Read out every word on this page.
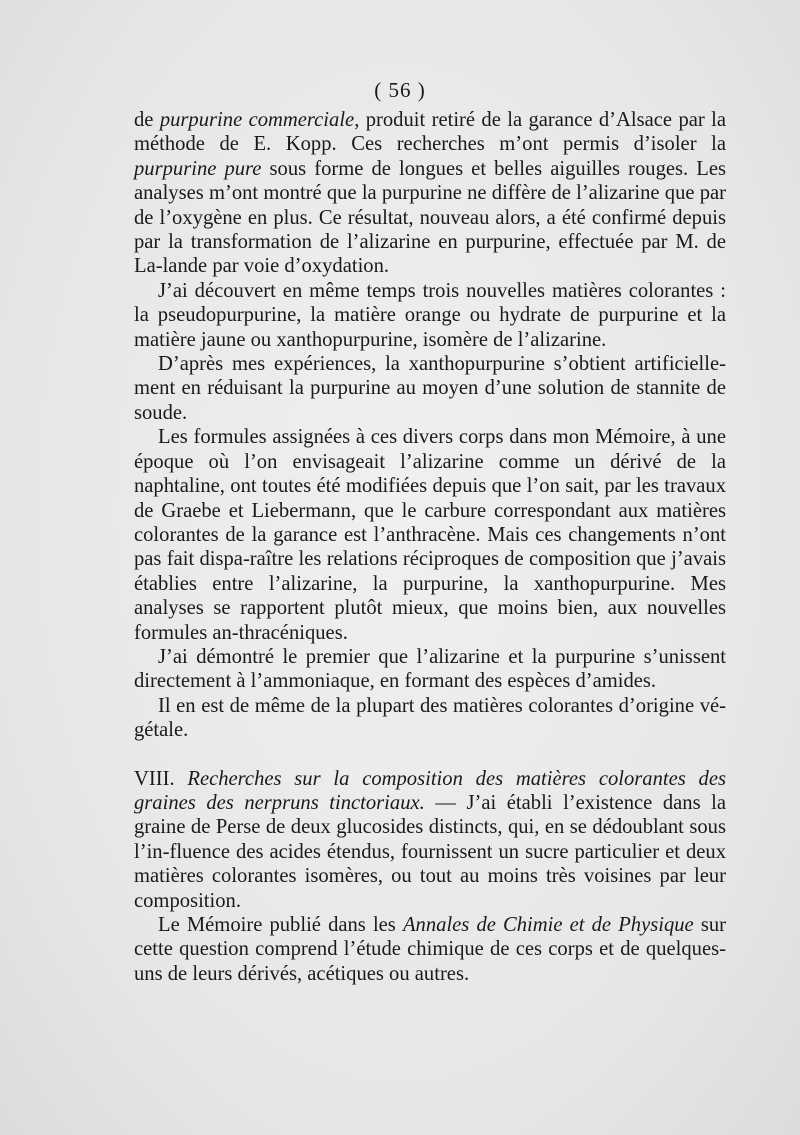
( 56 )

de purpurine commerciale, produit retiré de la garance d’Alsace par la méthode de E. Kopp. Ces recherches m’ont permis d’isoler la purpurine pure sous forme de longues et belles aiguilles rouges. Les analyses m’ont montré que la purpurine ne diffère de l’alizarine que par de l’oxygène en plus. Ce résultat, nouveau alors, a été confirmé depuis par la transformation de l’alizarine en purpurine, effectuée par M. de La-lande par voie d’oxydation.

J’ai découvert en même temps trois nouvelles matières colorantes : la pseudopurpurine, la matière orange ou hydrate de purpurine et la matière jaune ou xanthopurpurine, isomère de l’alizarine.

D’après mes expériences, la xanthopurpurine s’obtient artificielle-ment en réduisant la purpurine au moyen d’une solution de stannite de soude.

Les formules assignées à ces divers corps dans mon Mémoire, à une époque où l’on envisageait l’alizarine comme un dérivé de la naphtaline, ont toutes été modifiées depuis que l’on sait, par les travaux de Graebe et Liebermann, que le carbure correspondant aux matières colorantes de la garance est l’anthracène. Mais ces changements n’ont pas fait dispa-raître les relations réciproques de composition que j’avais établies entre l’alizarine, la purpurine, la xanthopurpurine. Mes analyses se rapportent plutôt mieux, que moins bien, aux nouvelles formules an-thracéniques.

J’ai démontré le premier que l’alizarine et la purpurine s’unissent directement à l’ammoniaque, en formant des espèces d’amides.

Il en est de même de la plupart des matières colorantes d’origine vé-gétale.

VIII. Recherches sur la composition des matières colorantes des graines des nerpruns tinctoriaux. — J’ai établi l’existence dans la graine de Perse de deux glucosides distincts, qui, en se dédoublant sous l’in-fluence des acides étendus, fournissent un sucre particulier et deux matières colorantes isomères, ou tout au moins très voisines par leur composition.

Le Mémoire publié dans les Annales de Chimie et de Physique sur cette question comprend l’étude chimique de ces corps et de quelques-uns de leurs dérivés, acétiques ou autres.
